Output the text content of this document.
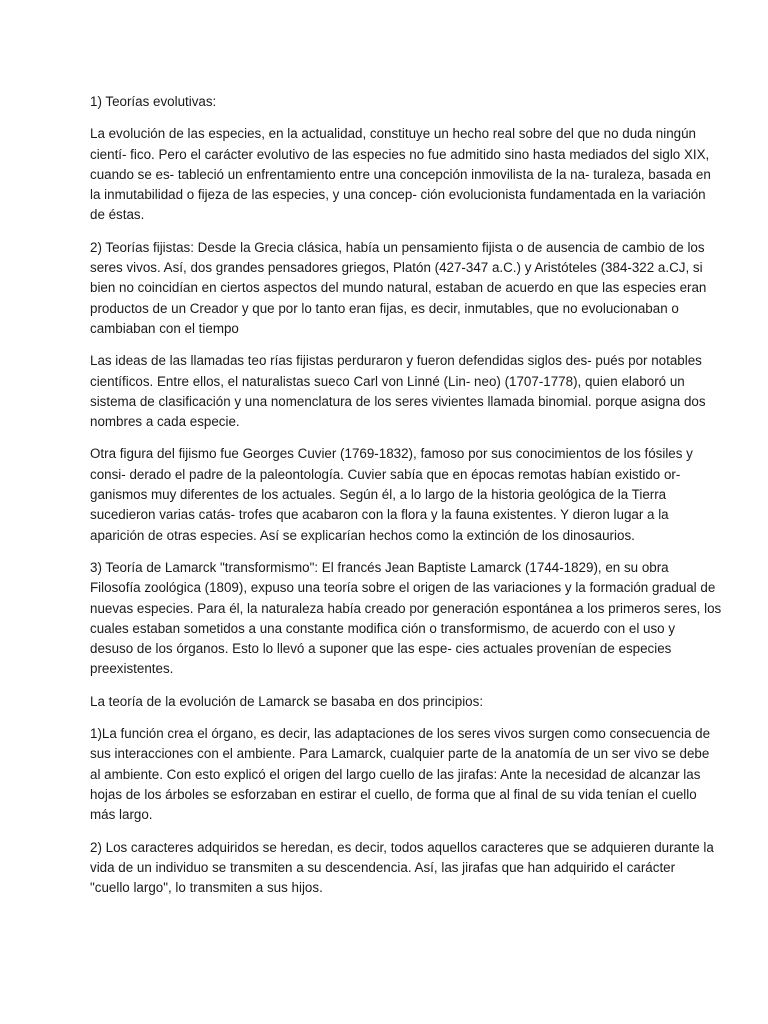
1) Teorías evolutivas:

La evolución de las especies, en la actualidad, constituye un hecho real sobre del que no duda ningún
cientí- fico. Pero el carácter evolutivo de las especies no fue admitido sino hasta mediados del siglo XIX,
cuando se es- tableció un enfrentamiento entre una concepción inmovilista de la na- turaleza, basada en
la inmutabilidad o fijeza de las especies, y una concep- ción evolucionista fundamentada en la variación
de éstas.

2) Teorías fijistas: Desde la Grecia clásica, había un pensamiento fijista o de ausencia de cambio de los
seres vivos. Así, dos grandes pensadores griegos, Platón (427-347 a.C.) y Aristóteles (384-322 a.CJ, si
bien no coincidían en ciertos aspectos del mundo natural, estaban de acuerdo en que las especies eran
productos de un Creador y que por lo tanto eran fijas, es decir, inmutables, que no evolucionaban o
cambiaban con el tiempo

Las ideas de las llamadas teo rías fijistas perduraron y fueron defendidas siglos des- pués por notables
científicos. Entre ellos, el naturalistas sueco Carl von Linné (Lin- neo) (1707-1778), quien elaboró un
sistema de clasificación y una nomenclatura de los seres vivientes llamada binomial. porque asigna dos
nombres a cada especie.

Otra figura del fijismo fue Georges Cuvier (1769-1832), famoso por sus conocimientos de los fósiles y
consi- derado el padre de la paleontología. Cuvier sabía que en épocas remotas habían existido or-
ganismos muy diferentes de los actuales. Según él, a lo largo de la historia geológica de la Tierra
sucedieron varias catás- trofes que acabaron con la flora y la fauna existentes. Y dieron lugar a la
aparición de otras especies. Así se explicarían hechos como la extinción de los dinosaurios.

3) Teoría de Lamarck "transformismo": El francés Jean Baptiste Lamarck (1744-1829), en su obra
Filosofía zoológica (1809), expuso una teoría sobre el origen de las variaciones y la formación gradual de
nuevas especies. Para él, la naturaleza había creado por generación espontánea a los primeros seres, los
cuales estaban sometidos a una constante modifica ción o transformismo, de acuerdo con el uso y
desuso de los órganos. Esto lo llevó a suponer que las espe- cies actuales provenían de especies
preexistentes.

La teoría de la evolución de Lamarck se basaba en dos principios:

1)La función crea el órgano, es decir, las adaptaciones de los seres vivos surgen como consecuencia de
sus interacciones con el ambiente. Para Lamarck, cualquier parte de la anatomía de un ser vivo se debe
al ambiente. Con esto explicó el origen del largo cuello de las jirafas: Ante la necesidad de alcanzar las
hojas de los árboles se esforzaban en estirar el cuello, de forma que al final de su vida tenían el cuello
más largo.

2) Los caracteres adquiridos se heredan, es decir, todos aquellos caracteres que se adquieren durante la
vida de un individuo se transmiten a su descendencia. Así, las jirafas que han adquirido el carácter
"cuello largo", lo transmiten a sus hijos.
